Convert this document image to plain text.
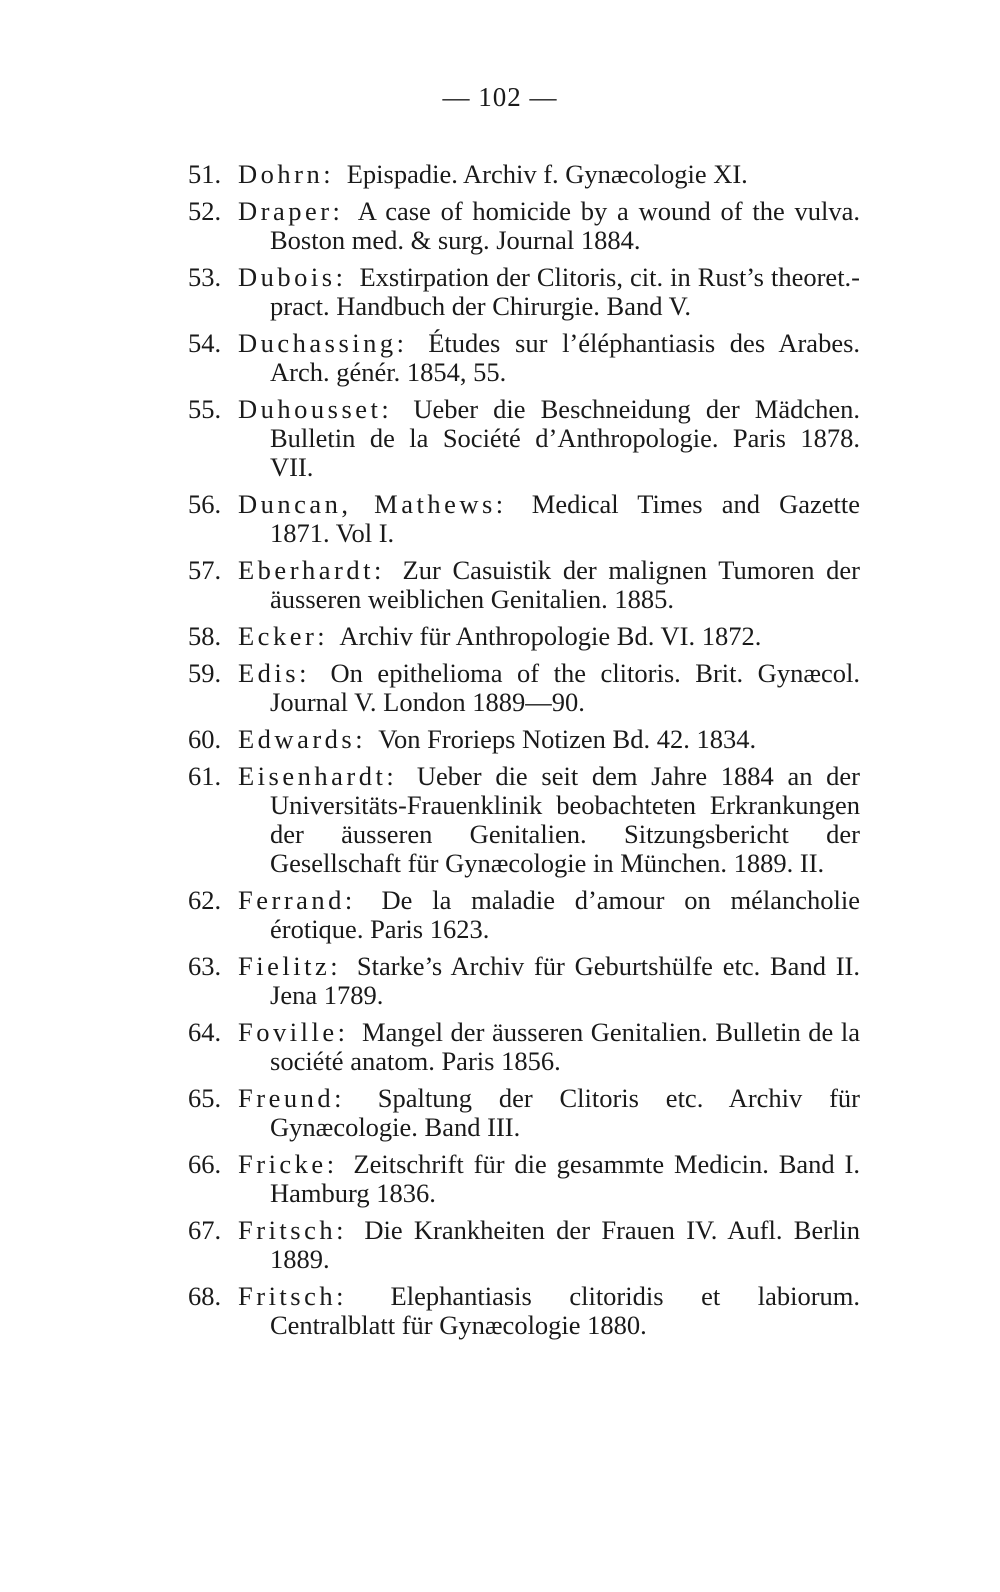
— 102 —
51. Dohrn: Epispadie. Archiv f. Gynæcologie XI.
52. Draper: A case of homicide by a wound of the vulva. Boston med. & surg. Journal 1884.
53. Dubois: Exstirpation der Clitoris, cit. in Rust’s theoret.-pract. Handbuch der Chirurgie. Band V.
54. Duchassing: Études sur l’éléphantiasis des Arabes. Arch. génér. 1854, 55.
55. Duhousset: Ueber die Beschneidung der Mädchen. Bulletin de la Société d’Anthropologie. Paris 1878. VII.
56. Duncan, Mathews: Medical Times and Gazette 1871. Vol I.
57. Eberhardt: Zur Casuistik der malignen Tumoren der äusseren weiblichen Genitalien. 1885.
58. Ecker: Archiv für Anthropologie Bd. VI. 1872.
59. Edis: On epithelioma of the clitoris. Brit. Gynæcol. Journal V. London 1889—90.
60. Edwards: Von Frorieps Notizen Bd. 42. 1834.
61. Eisenhardt: Ueber die seit dem Jahre 1884 an der Universitäts-Frauenklinik beobachteten Erkrankungen der äusseren Genitalien. Sitzungsbericht der Gesellschaft für Gynæcologie in München. 1889. II.
62. Ferrand: De la maladie d’amour on mélancholie érotique. Paris 1623.
63. Fielitz: Starke’s Archiv für Geburtshülfe etc. Band II. Jena 1789.
64. Foville: Mangel der äusseren Genitalien. Bulletin de la société anatom. Paris 1856.
65. Freund: Spaltung der Clitoris etc. Archiv für Gynæcologie. Band III.
66. Fricke: Zeitschrift für die gesammte Medicin. Band I. Hamburg 1836.
67. Fritsch: Die Krankheiten der Frauen IV. Aufl. Berlin 1889.
68. Fritsch: Elephantiasis clitoridis et labiorum. Centralblatt für Gynæcologie 1880.
